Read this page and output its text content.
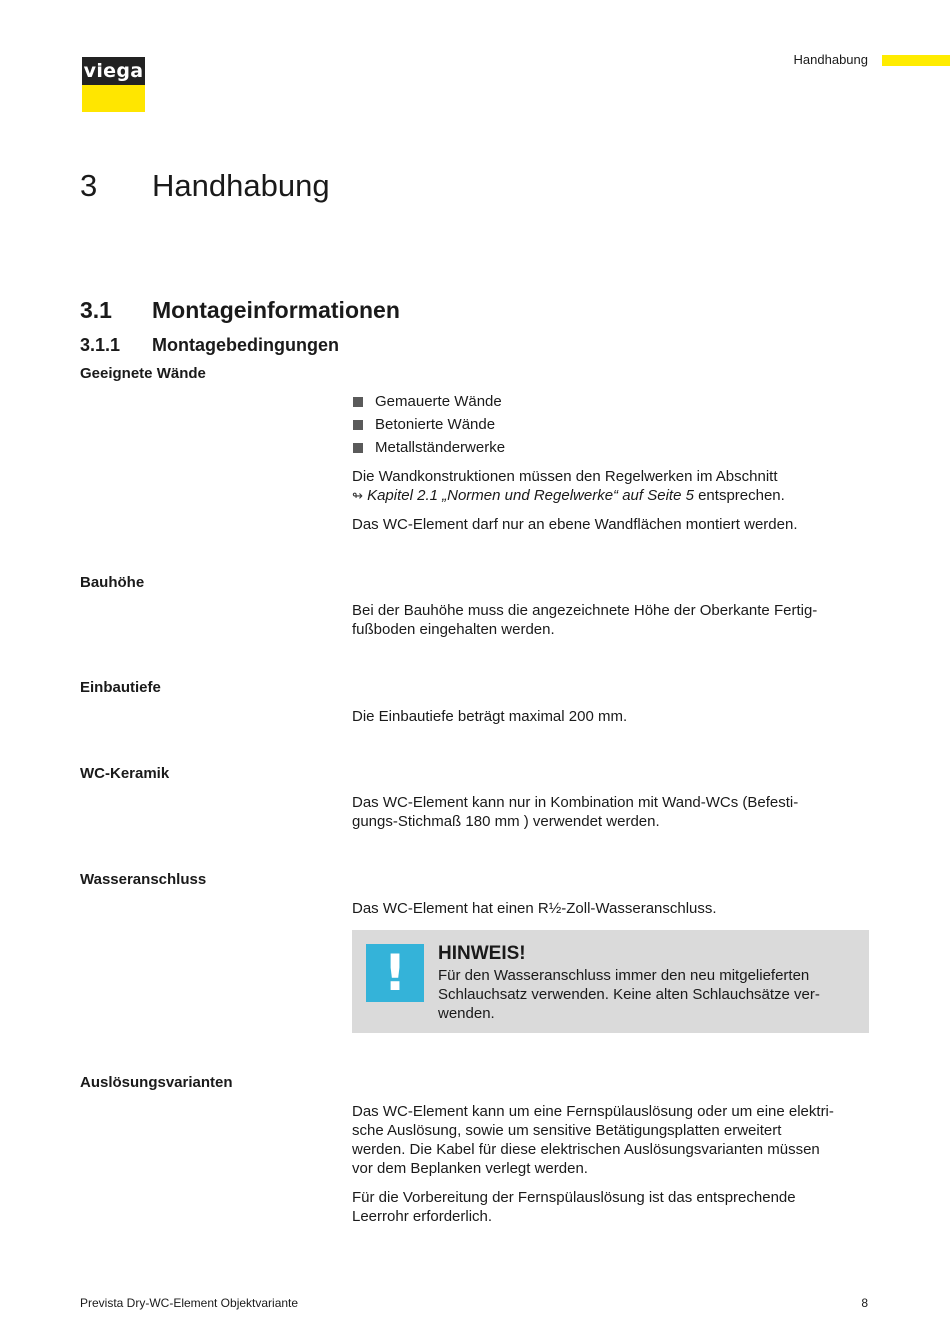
viega
Handhabung
3 Handhabung
3.1 Montageinformationen
3.1.1 Montagebedingungen
Geeignete Wände
Gemauerte Wände
Betonierte Wände
Metallständerwerke

Die Wandkonstruktionen müssen den Regelwerken im Abschnitt
↬ Kapitel 2.1 „Normen und Regelwerke“ auf Seite 5 entsprechen.

Das WC-Element darf nur an ebene Wandflächen montiert werden.

Bauhöhe

Bei der Bauhöhe muss die angezeichnete Höhe der Oberkante Fertig-
fußboden eingehalten werden.

Einbautiefe

Die Einbautiefe beträgt maximal 200 mm.

WC-Keramik

Das WC-Element kann nur in Kombination mit Wand-WCs (Befesti-
gungs-Stichmaß 180 mm ) verwendet werden.

Wasseranschluss

Das WC-Element hat einen R½-Zoll-Wasseranschluss.

!	HINWEIS!
Für den Wasseranschluss immer den neu mitgelieferten
Schlauchsatz verwenden. Keine alten Schlauchsätze ver-
wenden.
Auslösungsvarianten

Das WC-Element kann um eine Fernspülauslösung oder um eine elektri-
sche Auslösung, sowie um sensitive Betätigungsplatten erweitert
werden. Die Kabel für diese elektrischen Auslösungsvarianten müssen
vor dem Beplanken verlegt werden.

Für die Vorbereitung der Fernspülauslösung ist das entsprechende
Leerrohr erforderlich.

Prevista Dry-WC-Element Objektvariante	8
